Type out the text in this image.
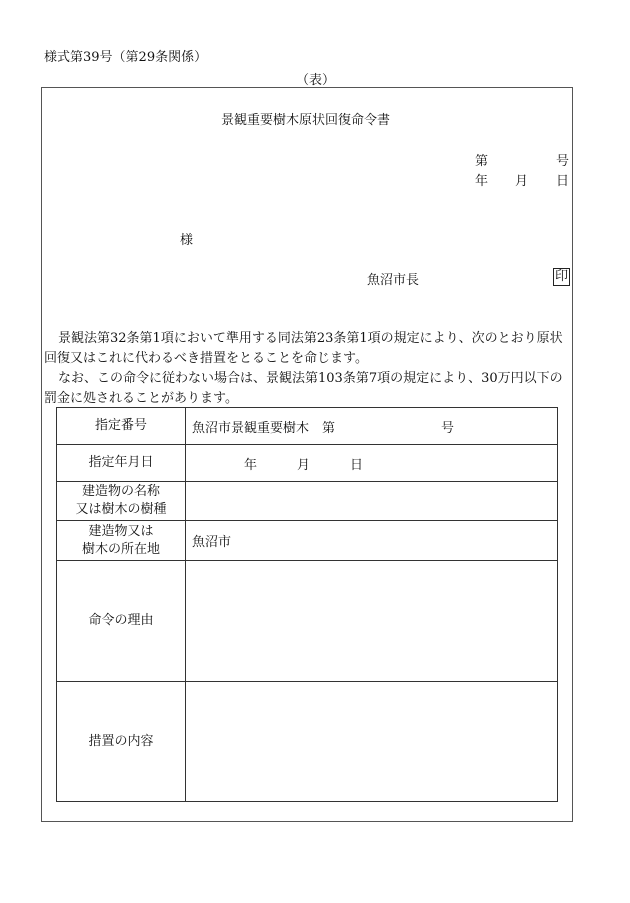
様式第39号（第29条関係）
（表）
景観重要樹木原状回復命令書
第	号
年 月 日
様
魚沼市長	印
景観法第32条第1項において準用する同法第23条第1項の規定により、次のとおり原状回復又はこれに代わるべき措置をとることを命じます。
なお、この命令に従わない場合は、景観法第103条第7項の規定により、30万円以下の罰金に処されることがあります。
指定番号	魚沼市景観重要樹木　第 号
指定年月日	年 月 日

建造物の名称
又は樹木の樹種	

建造物又は
樹木の所在地	魚沼市
命令の理由	
措置の内容	
